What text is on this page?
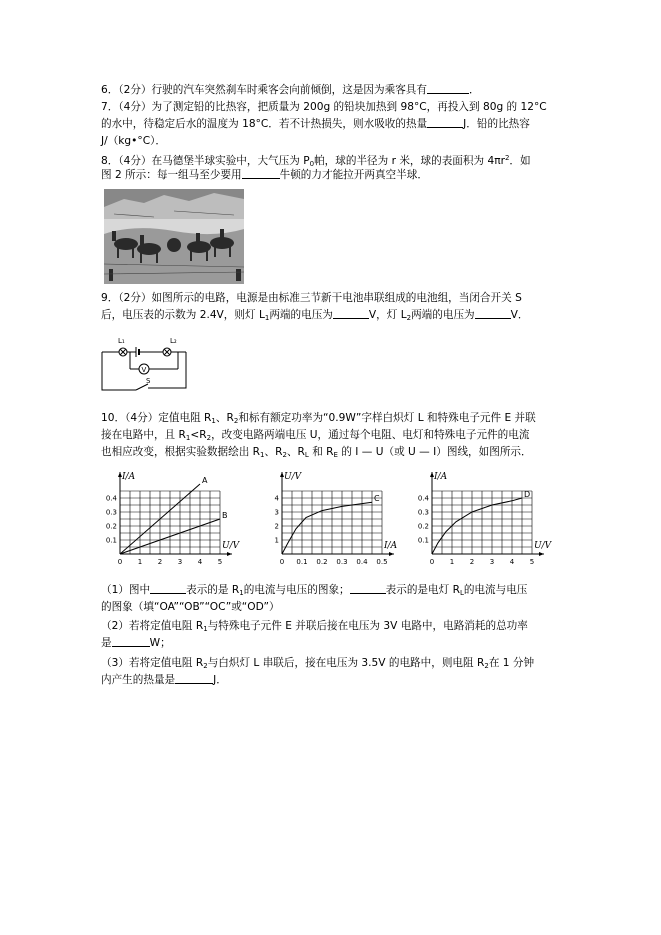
6．（2分）行驶的汽车突然刹车时乘客会向前倾倒，这是因为乘客具有	．
7．（4分）为了测定铅的比热容，把质量为 200g 的铅块加热到 98°C，再投入到 80g 的 12°C
的水中，待稳定后水的温度为 18°C．若不计热损失，则水吸收的热量	J．铅的比热容
J/（kg•°C）．
8．（4分）在马德堡半球实验中，大气压为 $P_0$帕，球的半径为 r 米，球的表面积为 $4\pi r^2$．如
图 2 所示：每一组马至少要用	牛顿的力才能拉开两真空半球．
9．（2分）如图所示的电路，电源是由标准三节新干电池串联组成的电池组，当闭合开关 S
后，电压表的示数为 2.4V，则灯 $L_1$两端的电压为	V，灯 $L_2$两端的电压为	V．
L₁	L₂
V
S
10．（4分）定值电阻 $R_1$、$R_2$和标有额定功率为“0.9W”字样白炽灯 L 和特殊电子元件 E 并联
接在电路中，且 $R_1<R_2$，改变电路两端电压 U，通过每个电阻、电灯和特殊电子元件的电流
也相应改变，根据实验数据绘出 $R_1$、$R_2$、$R_L$ 和 $R_E$ 的 I — U（或 U — I）图线，如图所示．
0 1 2 3 4 5
0.1
0.2
0.3
0.4
I/A
U/V
A
B
0 0.1 0.2 0.3 0.4 0.5
1
2
3
4
U/V
I/A
C
0 1 2 3 4 5
0.1
0.2
0.3
0.4
I/A
U/V
D
（1）图中	表示的是 $R_1$的电流与电压的图象；	表示的是电灯 $R_L$的电流与电压
的图象（填“OA”“OB”“OC”或“OD”）
（2）若将定值电阻 $R_1$与特殊电子元件 E 并联后接在电压为 3V 电路中，电路消耗的总功率
是	W；
（3）若将定值电阻 $R_2$与白炽灯 L 串联后，接在电压为 3.5V 的电路中，则电阻 $R_2$在 1 分钟
内产生的热量是	J．
